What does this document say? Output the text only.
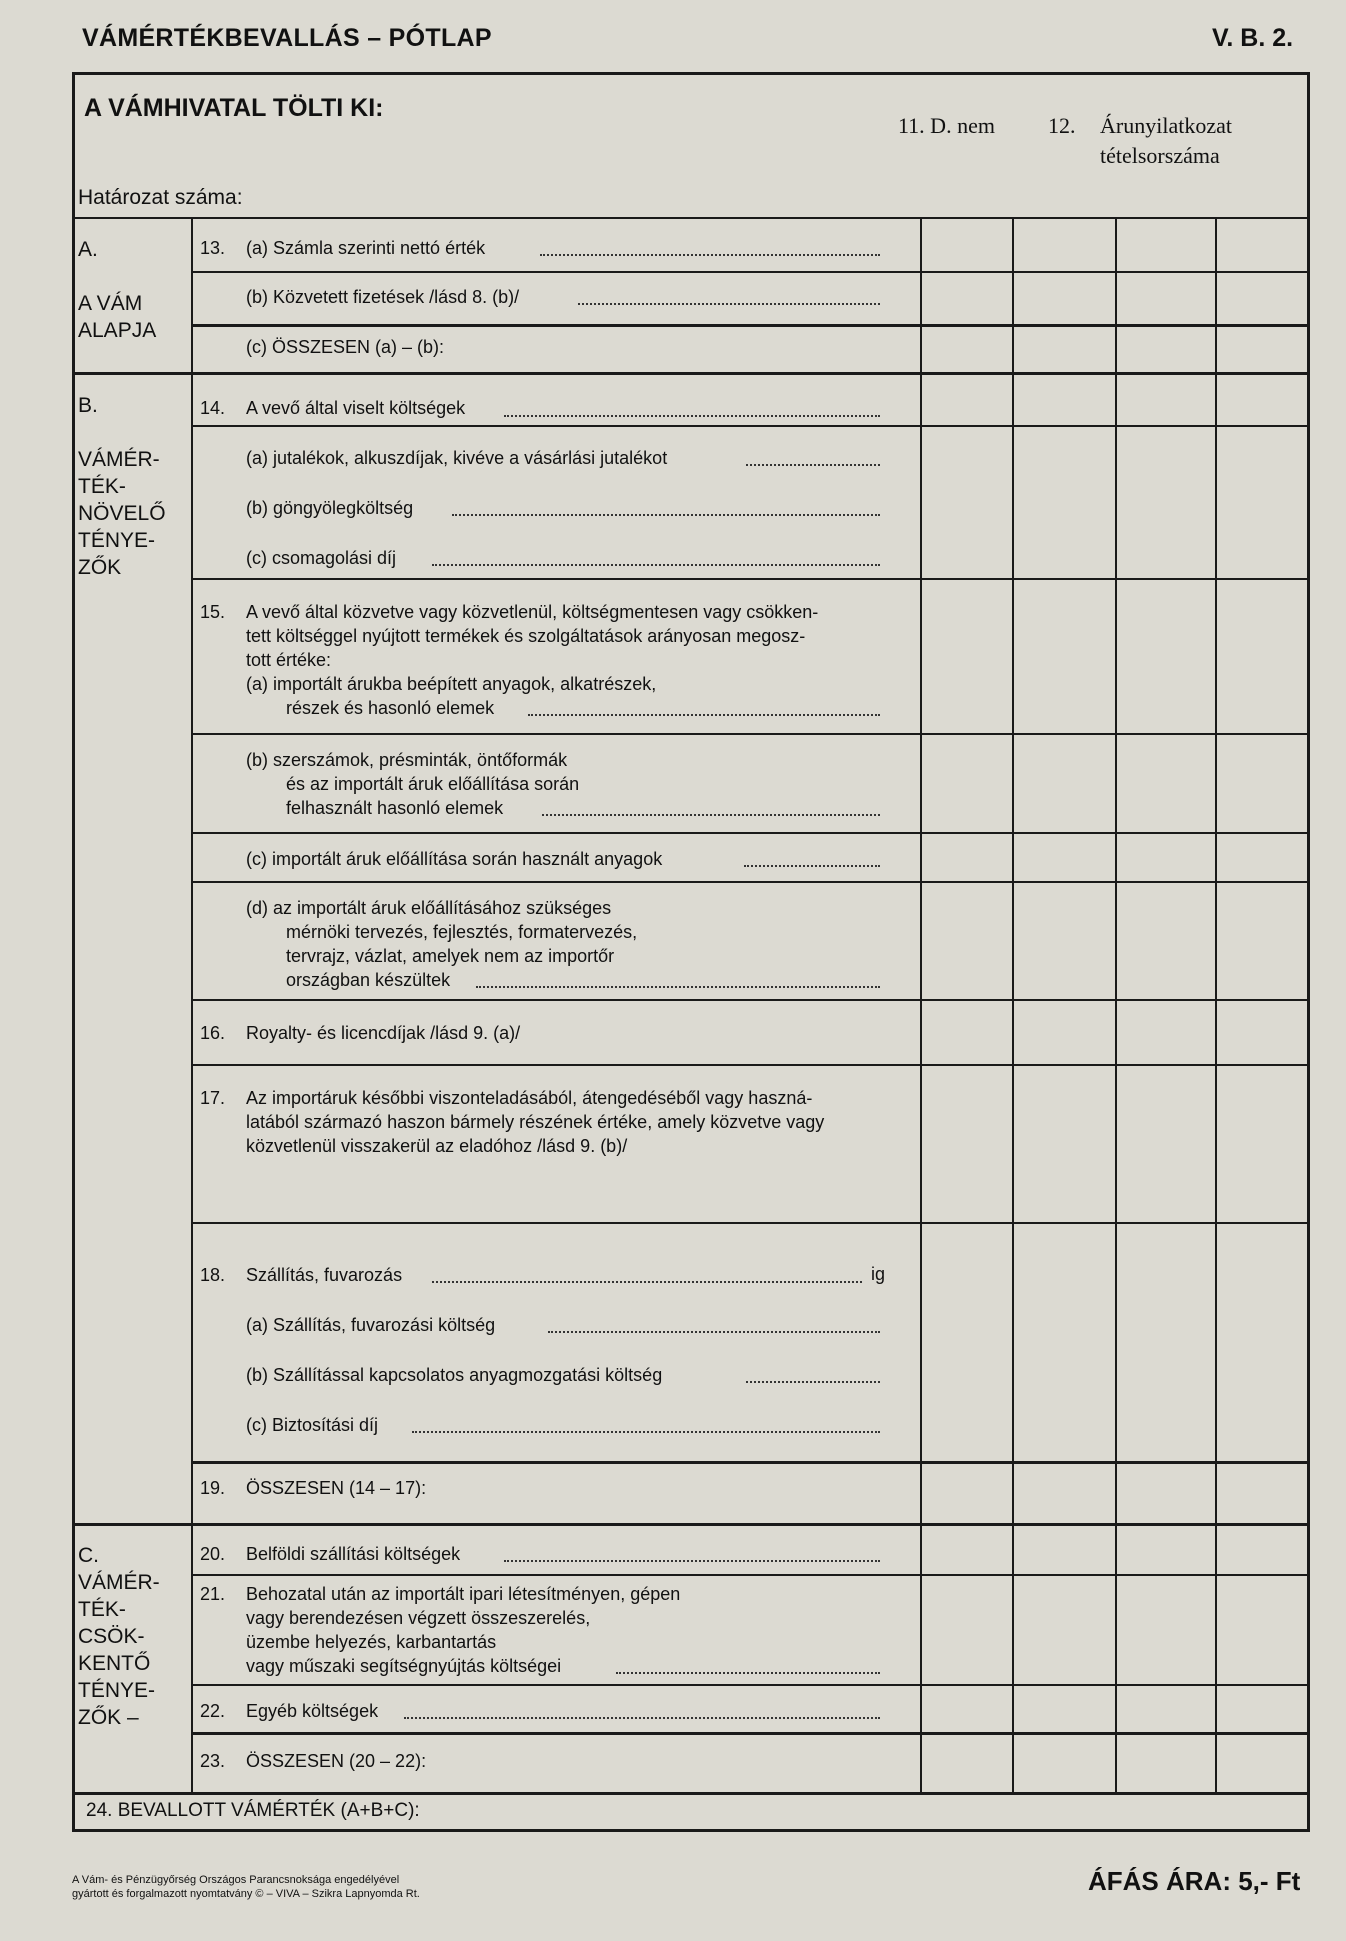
VÁMÉRTÉKBEVALLÁS – PÓTLAP	V. B. 2.
A VÁMHIVATAL TÖLTI KI:
11. D. nem 12. Árunyilatkozat
tételsorszáma
Határozat száma:
A.
A VÁM
ALAPJA
13. (a) Számla szerinti nettó érték
(b) Közvetett fizetések /lásd 8. (b)/
(c) ÖSSZESEN (a) – (b):
B.
VÁMÉR-
TÉK-
NÖVELŐ
TÉNYE-
ZŐK
14. A vevő által viselt költségek
(a) jutalékok, alkuszdíjak, kivéve a vásárlási jutalékot
(b) göngyölegköltség
(c) csomagolási díj
15. A vevő által közvetve vagy közvetlenül, költségmentesen vagy csökken-
tett költséggel nyújtott termékek és szolgáltatások arányosan megosz-
tott értéke:
(a) importált árukba beépített anyagok, alkatrészek,
részek és hasonló elemek
(b) szerszámok, présminták, öntőformák
és az importált áruk előállítása során
felhasznált hasonló elemek
(c) importált áruk előállítása során használt anyagok
(d) az importált áruk előállításához szükséges
mérnöki tervezés, fejlesztés, formatervezés,
tervrajz, vázlat, amelyek nem az importőr
országban készültek
16. Royalty- és licencdíjak /lásd 9. (a)/
17. Az importáruk későbbi viszonteladásából, átengedéséből vagy haszná-
latából származó haszon bármely részének értéke, amely közvetve vagy
közvetlenül visszakerül az eladóhoz /lásd 9. (b)/
18. Szállítás, fuvarozás	ig
(a) Szállítás, fuvarozási költség
(b) Szállítással kapcsolatos anyagmozgatási költség
(c) Biztosítási díj
19. ÖSSZESEN (14 – 17):
C.
VÁMÉR-
TÉK-
CSÖK-
KENTŐ
TÉNYE-
ZŐK –
20. Belföldi szállítási költségek
21. Behozatal után az importált ipari létesítményen, gépen
vagy berendezésen végzett összeszerelés,
üzembe helyezés, karbantartás
vagy műszaki segítségnyújtás költségei
22. Egyéb költségek
23. ÖSSZESEN (20 – 22):
24. BEVALLOTT VÁMÉRTÉK (A+B+C):
A Vám- és Pénzügyőrség Országos Parancsnoksága engedélyével
gyártott és forgalmazott nyomtatvány © – VIVA – Szikra Lapnyomda Rt.	ÁFÁS ÁRA: 5,- Ft
